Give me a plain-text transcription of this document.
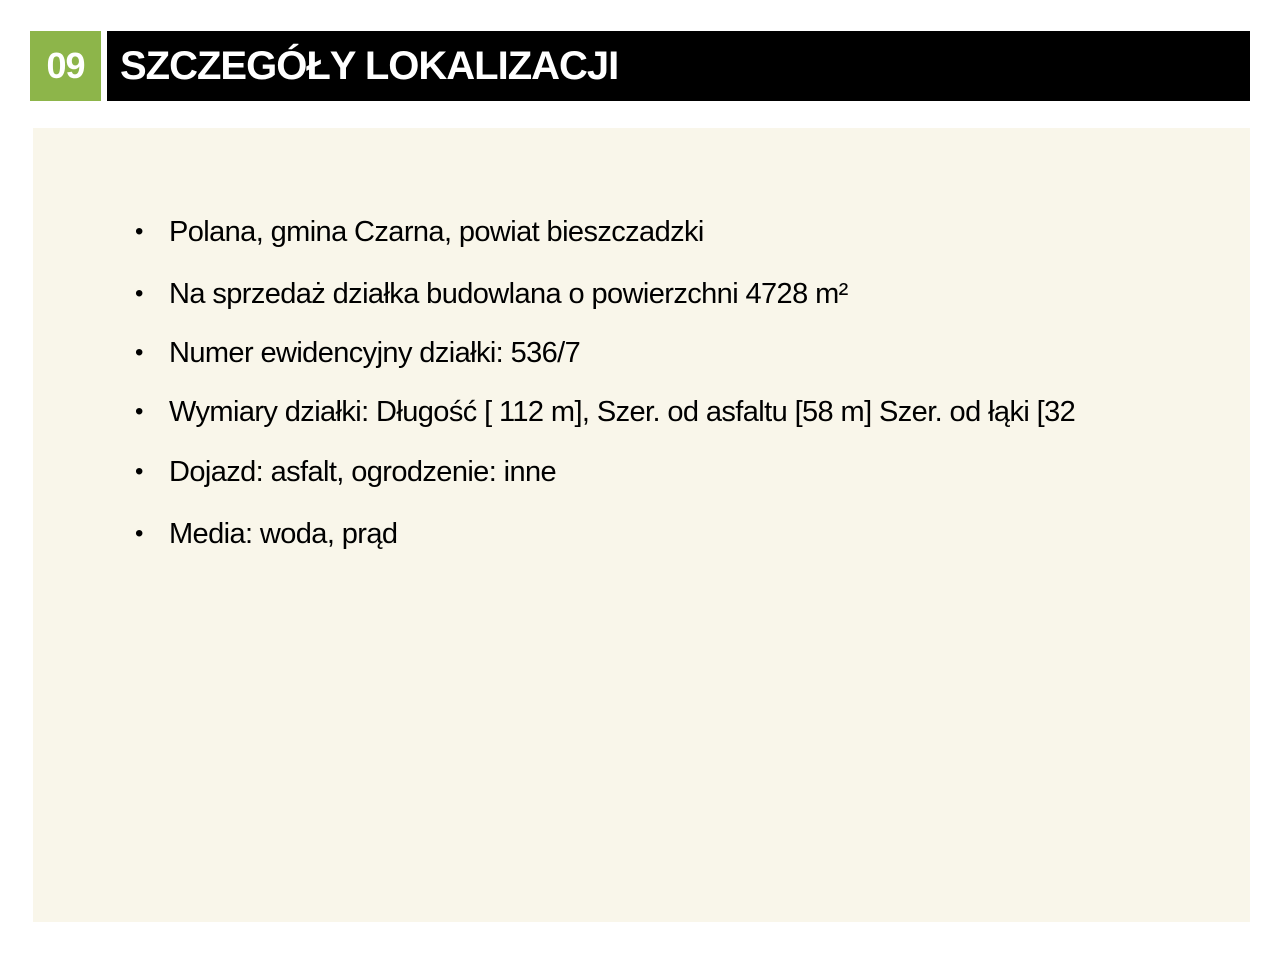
09 SZCZEGÓŁY LOKALIZACJI
• Polana, gmina Czarna, powiat bieszczadzki
• Na sprzedaż działka budowlana o powierzchni 4728 m²
• Numer ewidencyjny działki: 536/7
• Wymiary działki: Długość [ 112 m], Szer. od asfaltu [58 m] Szer. od łąki [32
• Dojazd: asfalt, ogrodzenie: inne
• Media: woda, prąd
